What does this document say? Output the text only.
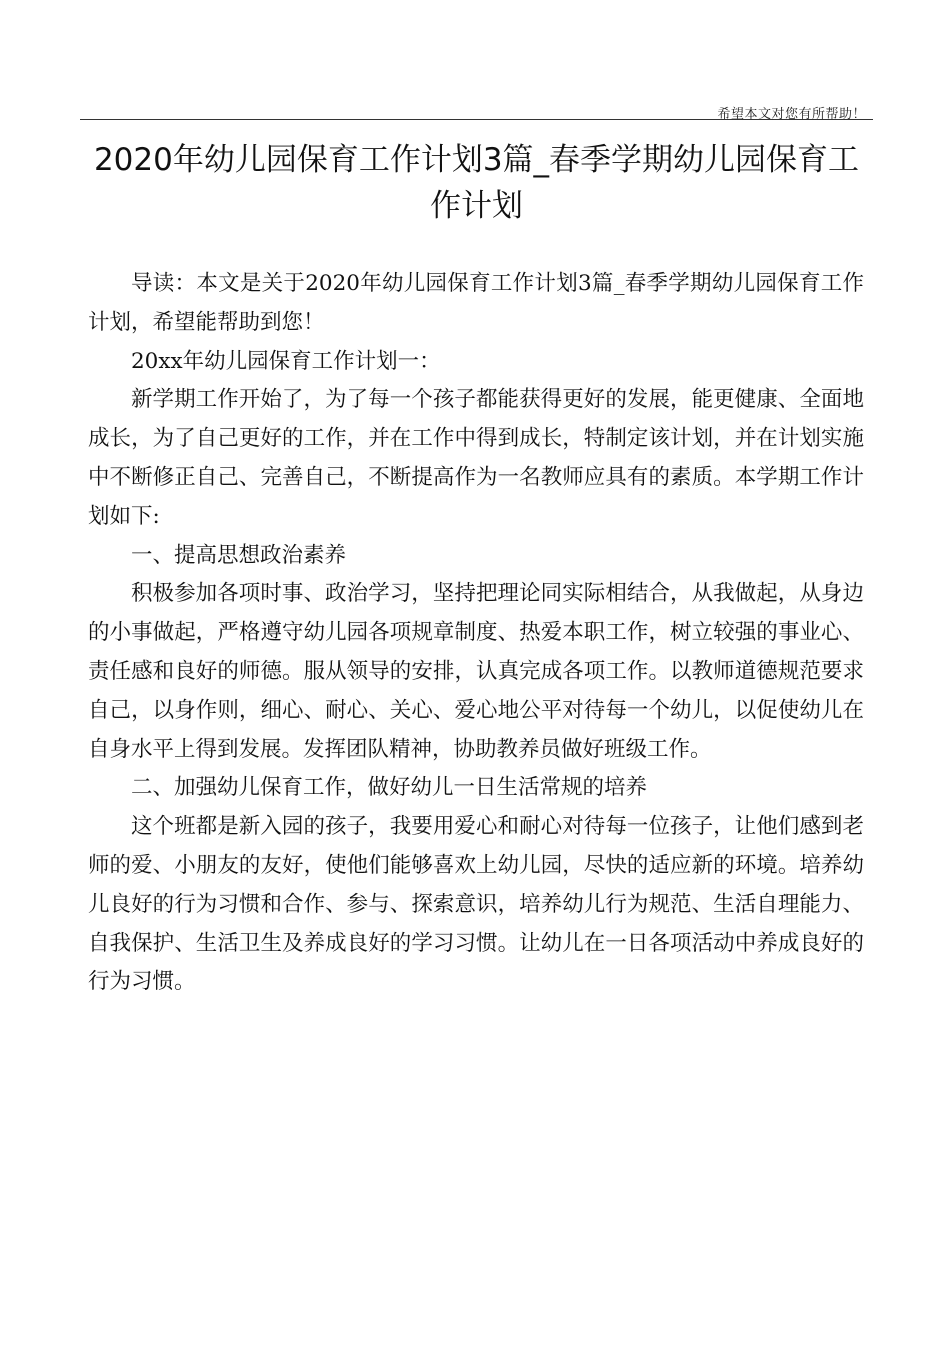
希望本文对您有所帮助！
2020年幼儿园保育工作计划3篇_春季学期幼儿园保育工作计划

导读：本文是关于2020年幼儿园保育工作计划3篇_春季学期幼儿园保育工作计划，希望能帮助到您！

20xx年幼儿园保育工作计划一：

新学期工作开始了，为了每一个孩子都能获得更好的发展，能更健康、全面地成长，为了自己更好的工作，并在工作中得到成长，特制定该计划，并在计划实施中不断修正自己、完善自己，不断提高作为一名教师应具有的素质。本学期工作计划如下:

一、提高思想政治素养

积极参加各项时事、政治学习，坚持把理论同实际相结合，从我做起，从身边的小事做起，严格遵守幼儿园各项规章制度、热爱本职工作，树立较强的事业心、责任感和良好的师德。服从领导的安排，认真完成各项工作。以教师道德规范要求自己，以身作则，细心、耐心、关心、爱心地公平对待每一个幼儿，以促使幼儿在自身水平上得到发展。发挥团队精神，协助教养员做好班级工作。

二、加强幼儿保育工作，做好幼儿一日生活常规的培养

这个班都是新入园的孩子，我要用爱心和耐心对待每一位孩子，让他们感到老师的爱、小朋友的友好，使他们能够喜欢上幼儿园，尽快的适应新的环境。培养幼儿良好的行为习惯和合作、参与、探索意识，培养幼儿行为规范、生活自理能力、自我保护、生活卫生及养成良好的学习习惯。让幼儿在一日各项活动中养成良好的行为习惯。
